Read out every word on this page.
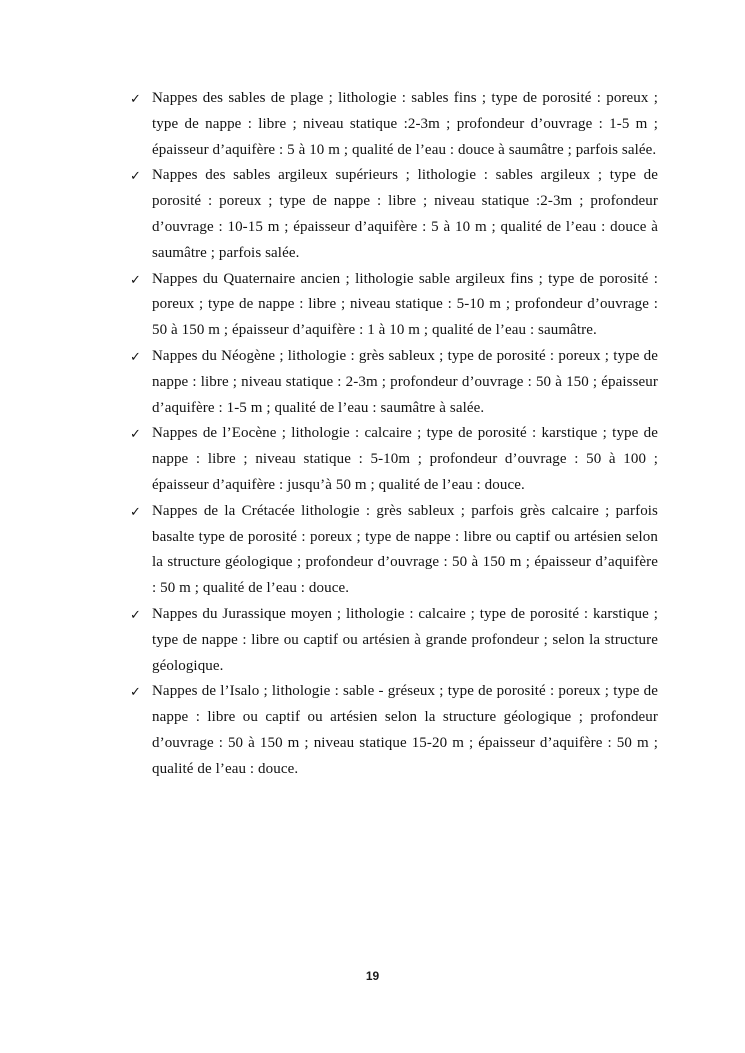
✓ Nappes des sables de plage ; lithologie : sables fins ; type de porosité : poreux ; type de nappe : libre ; niveau statique :2-3m ; profondeur d’ouvrage : 1-5 m ; épaisseur d’aquifère : 5 à 10 m ; qualité de l’eau : douce à saumâtre ; parfois salée.
✓ Nappes des sables argileux supérieurs ; lithologie : sables argileux ; type de porosité : poreux ; type de nappe : libre ; niveau statique :2-3m ; profondeur d’ouvrage : 10-15 m ; épaisseur d’aquifère : 5 à 10 m ; qualité de l’eau : douce à saumâtre ; parfois salée.
✓ Nappes du Quaternaire ancien ; lithologie sable argileux fins ; type de porosité : poreux ; type de nappe : libre ; niveau statique : 5-10 m ; profondeur d’ouvrage : 50 à 150 m ; épaisseur d’aquifère : 1 à 10 m ; qualité de l’eau : saumâtre.
✓ Nappes du Néogène ; lithologie : grès sableux ; type de porosité : poreux ; type de nappe : libre ; niveau statique : 2-3m ; profondeur d’ouvrage : 50 à 150 ; épaisseur d’aquifère : 1-5 m ; qualité de l’eau : saumâtre à salée.
✓ Nappes de l’Eocène ; lithologie : calcaire ; type de porosité : karstique ; type de nappe : libre ; niveau statique : 5-10m ; profondeur d’ouvrage : 50 à 100 ; épaisseur d’aquifère : jusqu’à 50 m ; qualité de l’eau : douce.
✓ Nappes de la Crétacée lithologie : grès sableux ; parfois grès calcaire ; parfois basalte type de porosité : poreux ; type de nappe : libre ou captif ou artésien selon la structure géologique ; profondeur d’ouvrage : 50 à 150 m ; épaisseur d’aquifère : 50 m ; qualité de l’eau : douce.
✓ Nappes du Jurassique moyen ; lithologie : calcaire ; type de porosité : karstique ; type de nappe : libre ou captif ou artésien à grande profondeur ; selon la structure géologique.
✓ Nappes de l’Isalo ; lithologie : sable - gréseux ; type de porosité : poreux ; type de nappe : libre ou captif ou artésien selon la structure géologique ; profondeur d’ouvrage : 50 à 150 m ; niveau statique 15-20 m ; épaisseur d’aquifère : 50 m ; qualité de l’eau : douce.
19
